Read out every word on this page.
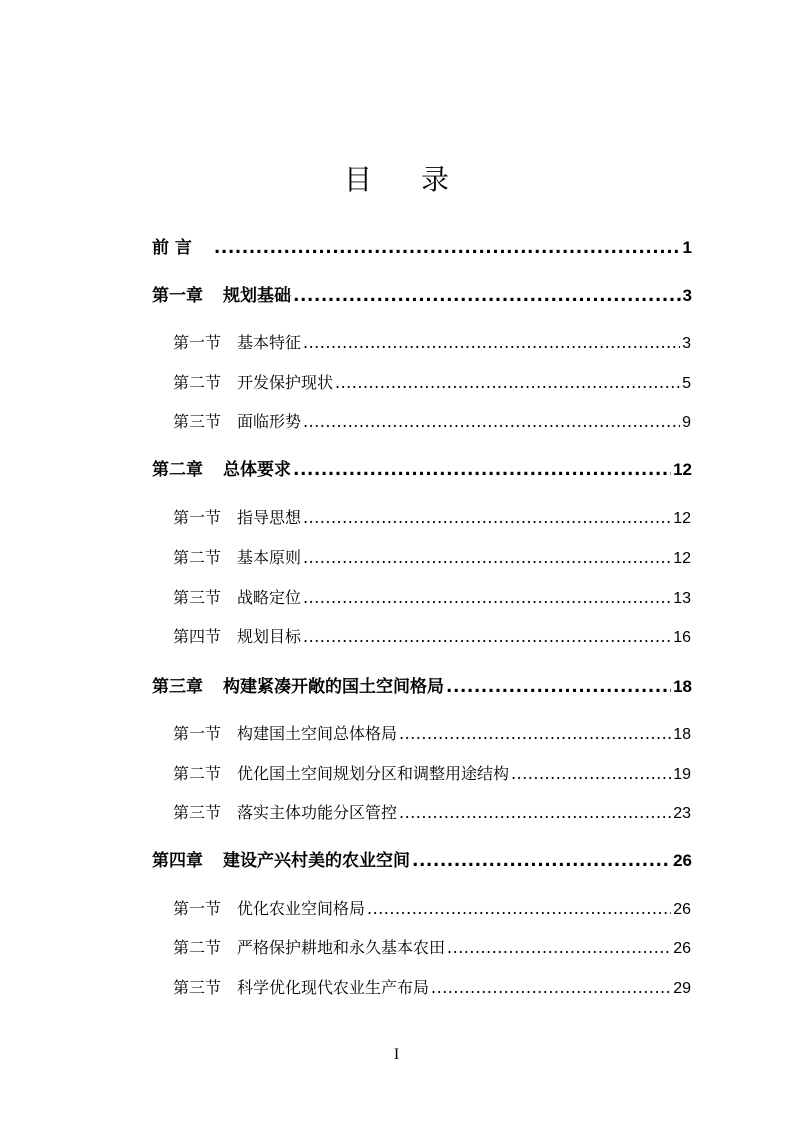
目 录
前 言 .....	1
第一章 规划基础 .....	3
第一节 基本特征 .....	3
第二节 开发保护现状 .....	5
第三节 面临形势 .....	9
第二章 总体要求 .....	12
第一节 指导思想 .....	12
第二节 基本原则 .....	12
第三节 战略定位 .....	13
第四节 规划目标 .....	16
第三章 构建紧凑开敞的国土空间格局 .....	18
第一节 构建国土空间总体格局 .....	18
第二节 优化国土空间规划分区和调整用途结构 .....	19
第三节 落实主体功能分区管控 .....	23
第四章 建设产兴村美的农业空间 .....	26
第一节 优化农业空间格局 .....	26
第二节 严格保护耕地和永久基本农田 .....	26
第三节 科学优化现代农业生产布局 .....	29
I
